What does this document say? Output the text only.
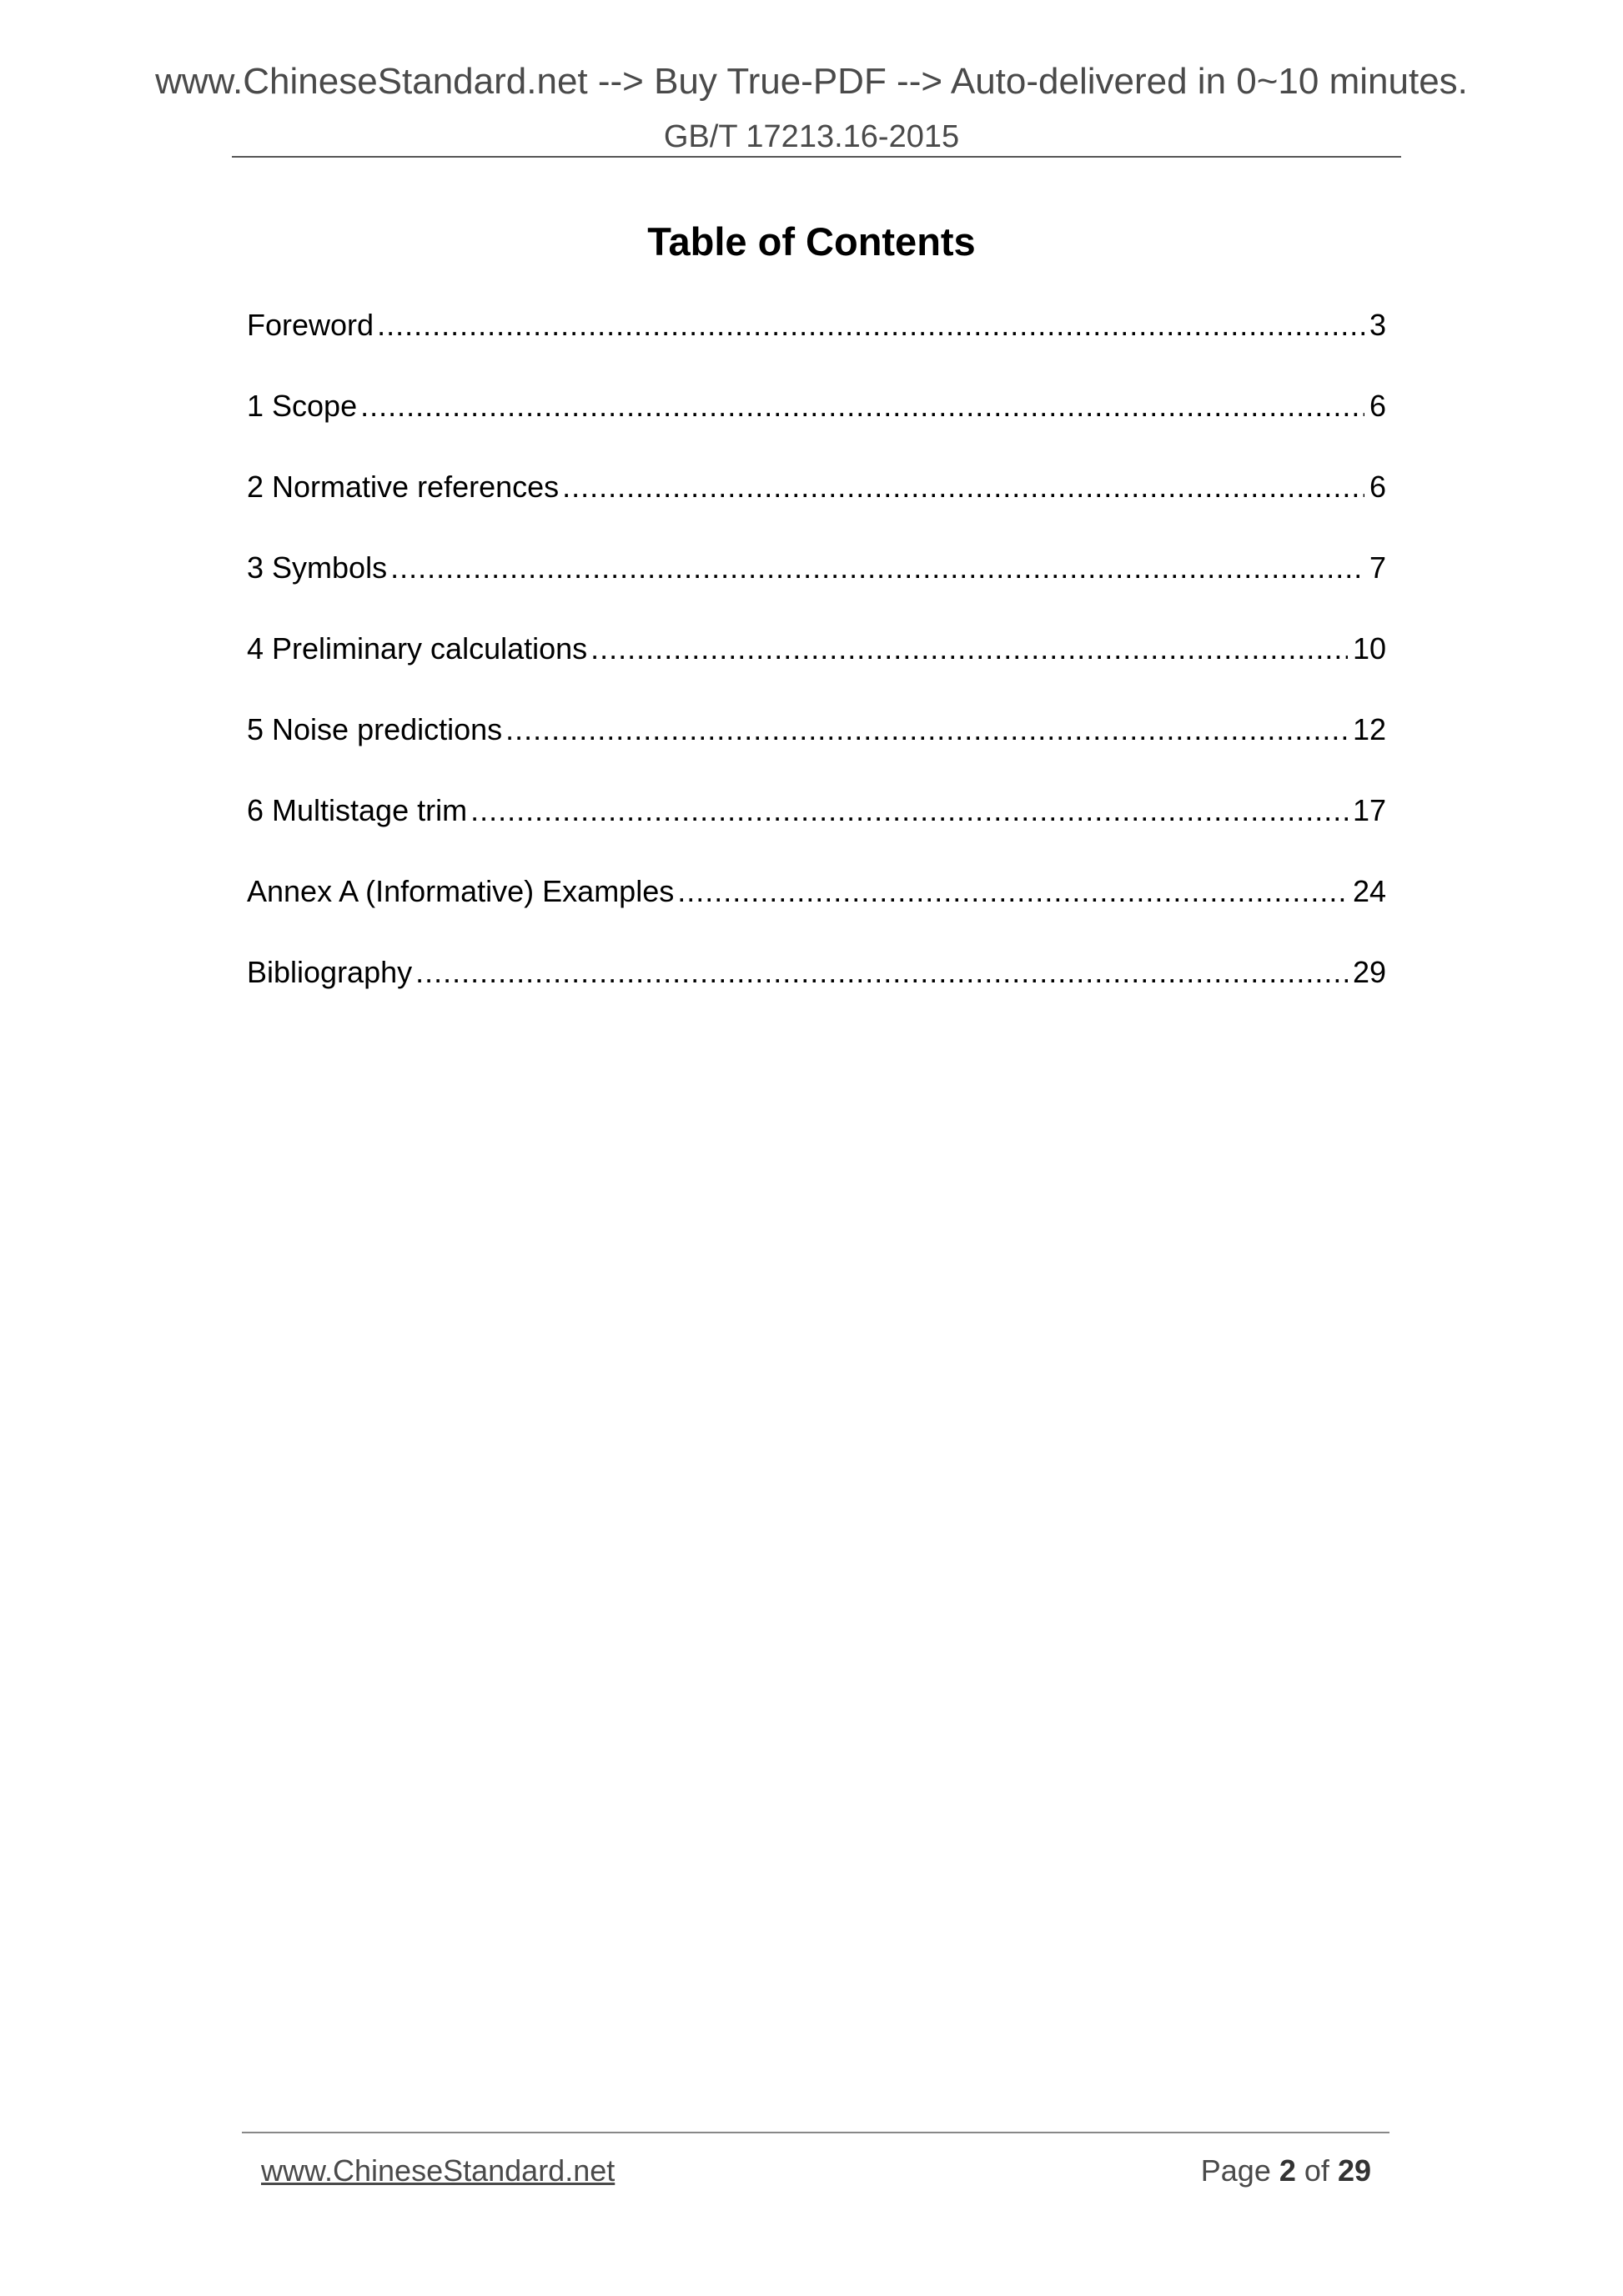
www.ChineseStandard.net --> Buy True-PDF --> Auto-delivered in 0~10 minutes.
GB/T 17213.16-2015
Table of Contents
Foreword .....	3
1 Scope .....	6
2 Normative references .....	6
3 Symbols .....	7
4 Preliminary calculations .....	10
5 Noise predictions .....	12
6 Multistage trim .....	17
Annex A (Informative) Examples .....	24
Bibliography .....	29
www.ChineseStandard.net	Page 2 of 29
